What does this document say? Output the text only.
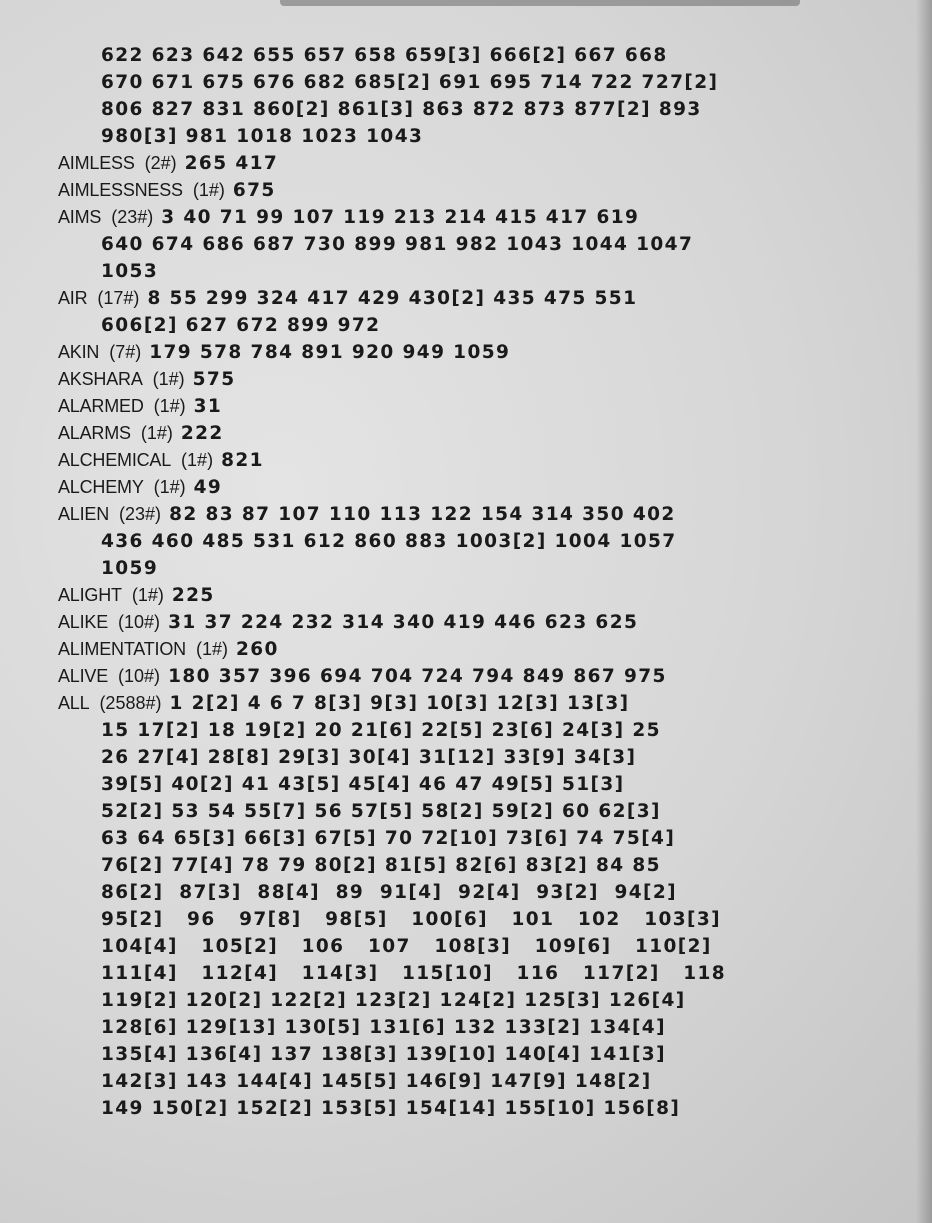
622 623 642 655 657 658 659[3] 666[2] 667 668
670 671 675 676 682 685[2] 691 695 714 722 727[2]
806 827 831 860[2] 861[3] 863 872 873 877[2] 893
980[3] 981 1018 1023 1043
AIMLESS (2#) 265 417
AIMLESSNESS (1#) 675
AIMS (23#) 3 40 71 99 107 119 213 214 415 417 619
640 674 686 687 730 899 981 982 1043 1044 1047
1053
AIR (17#) 8 55 299 324 417 429 430[2] 435 475 551
606[2] 627 672 899 972
AKIN (7#) 179 578 784 891 920 949 1059
AKSHARA (1#) 575
ALARMED (1#) 31
ALARMS (1#) 222
ALCHEMICAL (1#) 821
ALCHEMY (1#) 49
ALIEN (23#) 82 83 87 107 110 113 122 154 314 350 402
436 460 485 531 612 860 883 1003[2] 1004 1057
1059
ALIGHT (1#) 225
ALIKE (10#) 31 37 224 232 314 340 419 446 623 625
ALIMENTATION (1#) 260
ALIVE (10#) 180 357 396 694 704 724 794 849 867 975
ALL (2588#) 1 2[2] 4 6 7 8[3] 9[3] 10[3] 12[3] 13[3]
15 17[2] 18 19[2] 20 21[6] 22[5] 23[6] 24[3] 25
26 27[4] 28[8] 29[3] 30[4] 31[12] 33[9] 34[3]
39[5] 40[2] 41 43[5] 45[4] 46 47 49[5] 51[3]
52[2] 53 54 55[7] 56 57[5] 58[2] 59[2] 60 62[3]
63 64 65[3] 66[3] 67[5] 70 72[10] 73[6] 74 75[4]
76[2] 77[4] 78 79 80[2] 81[5] 82[6] 83[2] 84 85
86[2]  87[3]  88[4]  89  91[4]  92[4]  93[2]  94[2]
95[2]   96   97[8]   98[5]   100[6]   101   102   103[3]
104[4]   105[2]   106   107   108[3]   109[6]   110[2]
111[4]   112[4]   114[3]   115[10]   116   117[2]   118
119[2] 120[2] 122[2] 123[2] 124[2] 125[3] 126[4]
128[6] 129[13] 130[5] 131[6] 132 133[2] 134[4]
135[4] 136[4] 137 138[3] 139[10] 140[4] 141[3]
142[3] 143 144[4] 145[5] 146[9] 147[9] 148[2]
149 150[2] 152[2] 153[5] 154[14] 155[10] 156[8]
